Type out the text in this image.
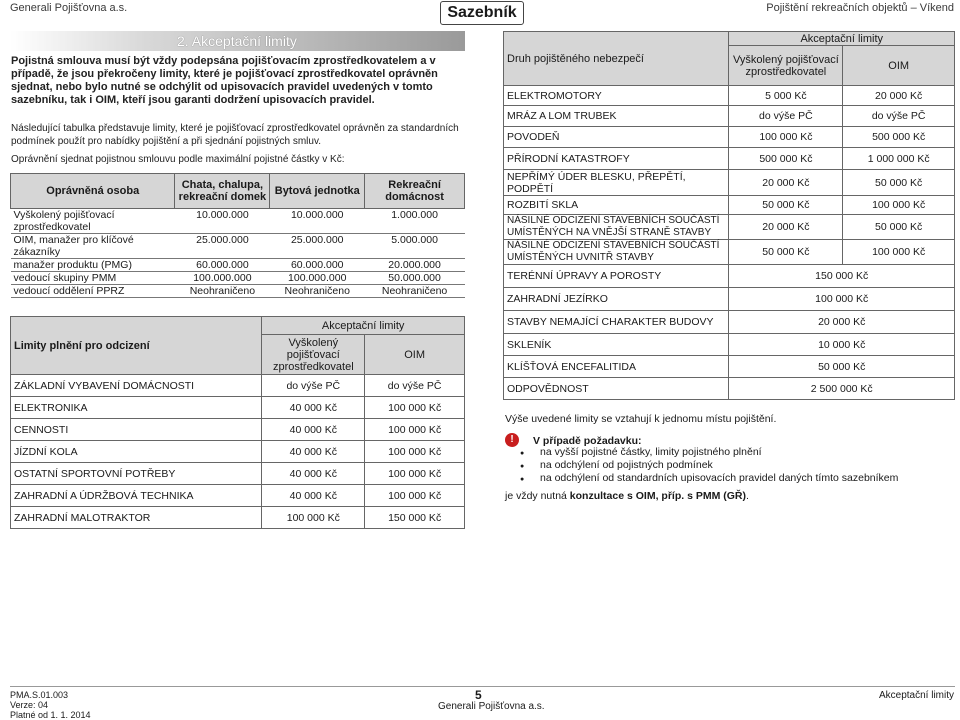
Generali Pojišťovna a.s.	Sazebník	Pojištění rekreačních objektů – Víkend
2. Akceptační limity
Pojistná smlouva musí být vždy podepsána pojišťovacím zprostředkovatelem a v případě, že jsou překročeny limity, které je pojišťovací zprostředkovatel oprávněn sjednat, nebo bylo nutné se odchýlit od upisovacích pravidel uvedených v tomto sazebníku, tak i OIM, kteří jsou garanti dodržení upisovacích pravidel.
Následující tabulka představuje limity, které je pojišťovací zprostředkovatel oprávněn za standardních podmínek použít pro nabídky pojištění a při sjednání pojistných smluv.
Oprávnění sjednat pojistnou smlouvu podle maximální pojistné částky v Kč:
Oprávněná osoba	Chata, chalupa, rekreační domek	Bytová jednotka	Rekreační domácnost
Vyškolený pojišťovací zprostředkovatel	10.000.000	10.000.000	1.000.000
OIM, manažer pro klíčové zákazníky	25.000.000	25.000.000	5.000.000
manažer produktu (PMG)	60.000.000	60.000.000	20.000.000
vedoucí skupiny PMM	100.000.000	100.000.000	50.000.000
vedoucí oddělení PPRZ	Neohraničeno	Neohraničeno	Neohraničeno
Limity plnění pro odcizení	Akceptační limity	
	Vyškolený pojišťovací zprostředkovatel	OIM
ZÁKLADNÍ VYBAVENÍ DOMÁCNOSTI	do výše PČ	do výše PČ
ELEKTRONIKA	40 000 Kč	100 000 Kč
CENNOSTI	40 000 Kč	100 000 Kč
JÍZDNÍ KOLA	40 000 Kč	100 000 Kč
OSTATNÍ SPORTOVNÍ POTŘEBY	40 000 Kč	100 000 Kč
ZAHRADNÍ A ÚDRŽBOVÁ TECHNIKA	40 000 Kč	100 000 Kč
ZAHRADNÍ MALOTRAKTOR	100 000 Kč	150 000 Kč
Druh pojištěného nebezpečí	Akceptační limity	
	Vyškolený pojišťovací zprostředkovatel	OIM
ELEKTROMOTORY	5 000 Kč	20 000 Kč
MRÁZ A LOM TRUBEK	do výše PČ	do výše PČ
POVODEŇ	100 000 Kč	500 000 Kč
PŘÍRODNÍ KATASTROFY	500 000 Kč	1 000 000 Kč
NEPŘÍMÝ ÚDER BLESKU, PŘEPĚTÍ, PODPĚTÍ	20 000 Kč	50 000 Kč
ROZBITÍ SKLA	50 000 Kč	100 000 Kč
NÁSILNÉ ODCIZENÍ STAVEBNÍCH SOUČÁSTÍ UMÍSTĚNÝCH NA VNĚJŠÍ STRANĚ STAVBY	20 000 Kč	50 000 Kč
NÁSILNÉ ODCIZENÍ STAVEBNÍCH SOUČÁSTÍ UMÍSTĚNÝCH UVNITŘ STAVBY	50 000 Kč	100 000 Kč
TERÉNNÍ ÚPRAVY A POROSTY	150 000 Kč	
ZAHRADNÍ JEZÍRKO	100 000 Kč	
STAVBY NEMAJÍCÍ CHARAKTER BUDOVY	20 000 Kč	
SKLENÍK	10 000 Kč	
KLÍŠŤOVÁ ENCEFALITIDA	50 000 Kč	
ODPOVĚDNOST	2 500 000 Kč	
Výše uvedené limity se vztahují k jednomu místu pojištění.
!	V případě požadavku:
● na vyšší pojistné částky, limity pojistného plnění
● na odchýlení od pojistných podmínek
● na odchýlení od standardních upisovacích pravidel daných tímto sazebníkem
je vždy nutná konzultace s OIM, příp. s PMM (GŘ).
PMA.S.01.003
Verze: 04
Platné od 1. 1. 2014
5
Generali Pojišťovna a.s.
Akceptační limity
